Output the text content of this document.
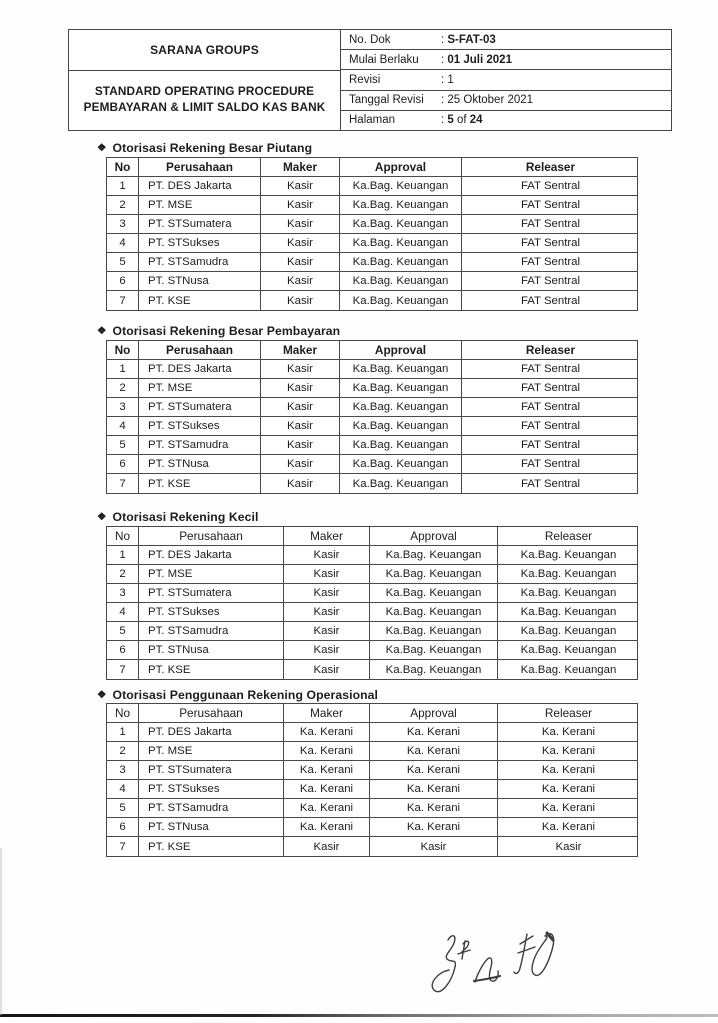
SARANA GROUPS
STANDARD OPERATING PROCEDURE
PEMBAYARAN & LIMIT SALDO KAS BANK
No. Dok	: S-FAT-03
Mulai Berlaku	: 01 Juli 2021
Revisi	: 1
Tanggal Revisi	: 25 Oktober 2021
Halaman	: 5 of 24
❖ Otorisasi Rekening Besar Piutang
No	Perusahaan	Maker	Approval	Releaser
1	PT. DES Jakarta	Kasir	Ka.Bag. Keuangan	FAT Sentral
2	PT. MSE	Kasir	Ka.Bag. Keuangan	FAT Sentral
3	PT. STSumatera	Kasir	Ka.Bag. Keuangan	FAT Sentral
4	PT. STSukses	Kasir	Ka.Bag. Keuangan	FAT Sentral
5	PT. STSamudra	Kasir	Ka.Bag. Keuangan	FAT Sentral
6	PT. STNusa	Kasir	Ka.Bag. Keuangan	FAT Sentral
7	PT. KSE	Kasir	Ka.Bag. Keuangan	FAT Sentral
❖ Otorisasi Rekening Besar Pembayaran
No	Perusahaan	Maker	Approval	Releaser
1	PT. DES Jakarta	Kasir	Ka.Bag. Keuangan	FAT Sentral
2	PT. MSE	Kasir	Ka.Bag. Keuangan	FAT Sentral
3	PT. STSumatera	Kasir	Ka.Bag. Keuangan	FAT Sentral
4	PT. STSukses	Kasir	Ka.Bag. Keuangan	FAT Sentral
5	PT. STSamudra	Kasir	Ka.Bag. Keuangan	FAT Sentral
6	PT. STNusa	Kasir	Ka.Bag. Keuangan	FAT Sentral
7	PT. KSE	Kasir	Ka.Bag. Keuangan	FAT Sentral
❖ Otorisasi Rekening Kecil
No	Perusahaan	Maker	Approval	Releaser
1	PT. DES Jakarta	Kasir	Ka.Bag. Keuangan	Ka.Bag. Keuangan
2	PT. MSE	Kasir	Ka.Bag. Keuangan	Ka.Bag. Keuangan
3	PT. STSumatera	Kasir	Ka.Bag. Keuangan	Ka.Bag. Keuangan
4	PT. STSukses	Kasir	Ka.Bag. Keuangan	Ka.Bag. Keuangan
5	PT. STSamudra	Kasir	Ka.Bag. Keuangan	Ka.Bag. Keuangan
6	PT. STNusa	Kasir	Ka.Bag. Keuangan	Ka.Bag. Keuangan
7	PT. KSE	Kasir	Ka.Bag. Keuangan	Ka.Bag. Keuangan
❖ Otorisasi Penggunaan Rekening Operasional
No	Perusahaan	Maker	Approval	Releaser
1	PT. DES Jakarta	Ka. Kerani	Ka. Kerani	Ka. Kerani
2	PT. MSE	Ka. Kerani	Ka. Kerani	Ka. Kerani
3	PT. STSumatera	Ka. Kerani	Ka. Kerani	Ka. Kerani
4	PT. STSukses	Ka. Kerani	Ka. Kerani	Ka. Kerani
5	PT. STSamudra	Ka. Kerani	Ka. Kerani	Ka. Kerani
6	PT. STNusa	Ka. Kerani	Ka. Kerani	Ka. Kerani
7	PT. KSE	Kasir	Kasir	Kasir
